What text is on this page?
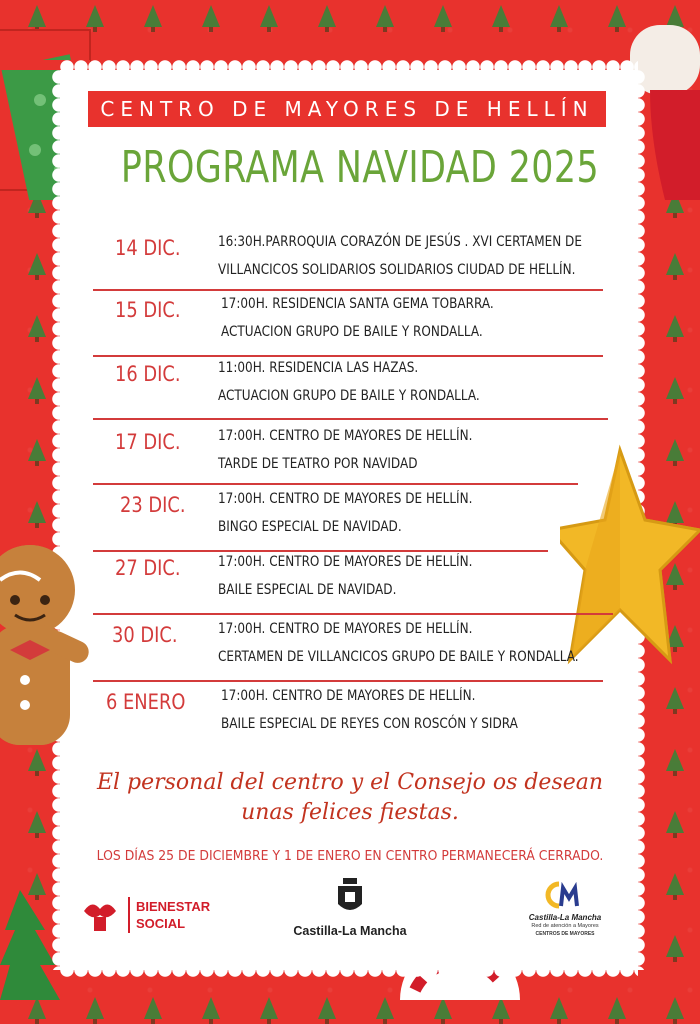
CENTRO DE MAYORES DE HELLÍN
PROGRAMA NAVIDAD 2025
14 DIC.	16:30H.PARROQUIA CORAZÓN DE JESÚS . XVI CERTAMEN DE
VILLANCICOS SOLIDARIOS SOLIDARIOS CIUDAD DE HELLÍN.
15 DIC.	17:00H. RESIDENCIA SANTA GEMA TOBARRA.
ACTUACION GRUPO DE BAILE Y RONDALLA.
16 DIC.	11:00H. RESIDENCIA LAS HAZAS.
ACTUACION GRUPO DE BAILE Y RONDALLA.
17 DIC.	17:00H. CENTRO DE MAYORES DE HELLÍN.
TARDE DE TEATRO POR NAVIDAD
23 DIC. 17:00H. CENTRO DE MAYORES DE HELLÍN.
BINGO ESPECIAL DE NAVIDAD.
27 DIC.	17:00H. CENTRO DE MAYORES DE HELLÍN.
BAILE ESPECIAL DE NAVIDAD.
30 DIC.	17:00H. CENTRO DE MAYORES DE HELLÍN.
CERTAMEN DE VILLANCICOS GRUPO DE BAILE Y RONDALLA.
6 ENERO	17:00H. CENTRO DE MAYORES DE HELLÍN.
BAILE ESPECIAL DE REYES CON ROSCÓN Y SIDRA
El personal del centro y el Consejo os desean
unas felices fiestas.
LOS DÍAS 25 DE DICIEMBRE Y 1 DE ENERO EN CENTRO PERMANECERÁ CERRADO.
BIENESTAR
SOCIAL	Castilla-La Mancha
Castilla-La Mancha
Red de atención a Mayores
CENTROS DE MAYORES
